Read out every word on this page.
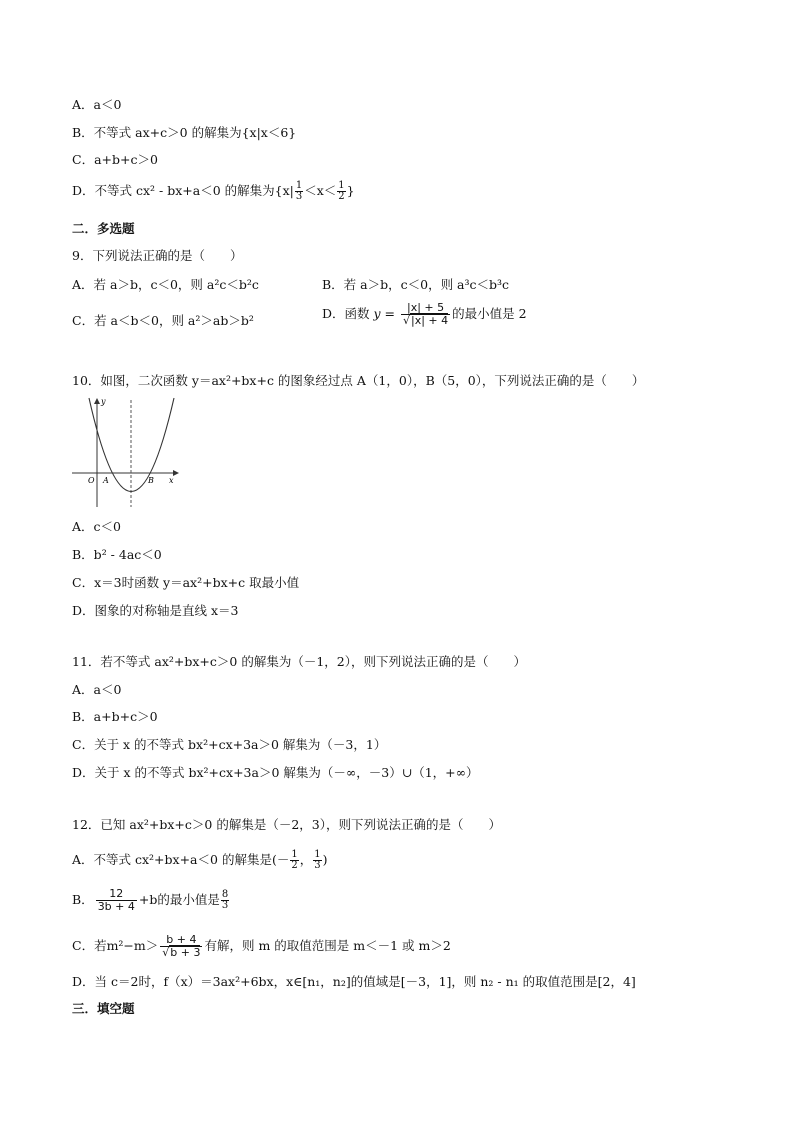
A．a＜0
B．不等式 ax+c＞0 的解集为{x|x＜6}
C．a+b+c＞0
D．不等式 cx² - bx+a＜0 的解集为{$x| \frac{1}{3} <x< \frac{1}{2}$ }
二．多选题
9．下列说法正确的是（　　）
A．若 a＞b，c＜0，则 a²c＜b²c	B．若 a＞b，c＜0，则 a³c＜b³c
C．若 a＜b＜0，则 a²＞ab＞b²	D．函数 $y = \frac{|x| + 5}{√|x| + 4}$ 的最小值是 2
10．如图，二次函数 y＝ax²+bx+c 的图象经过点 A（1，0），B（5，0），下列说法正确的是（　　）
y
x
O A	B
A．c＜0
B．b² - 4ac＜0
C．x＝3时函数 y＝ax²+bx+c 取最小值
D．图象的对称轴是直线 x＝3
11．若不等式 ax²+bx+c＞0 的解集为（－1，2），则下列说法正确的是（　　）
A．a＜0
B．a+b+c＞0
C．关于 x 的不等式 bx²+cx+3a＞0 解集为（－3，1）
D．关于 x 的不等式 bx²+cx+3a＞0 解集为（－∞，－3）∪（1，+∞）
12．已知 ax²+bx+c＞0 的解集是（－2，3），则下列说法正确的是（　　）
A．不等式 cx²+bx+a＜0 的解集是(－ $\frac{1}{2}$ ， $\frac{1}{3}$ )
B． $\frac{12}{3b + 4} +b$的最小值是 $\frac{8}{3}$
C．若$m^2-m> \frac{b + 4}{√b + 3}$ 有解，则 m 的取值范围是 m＜－1 或 m＞2
D．当 c＝2时，f（x）＝3ax²+6bx，x∈[n₁，n₂]的值域是[－3，1]，则 n₂ - n₁ 的取值范围是[2，4]
三．填空题
